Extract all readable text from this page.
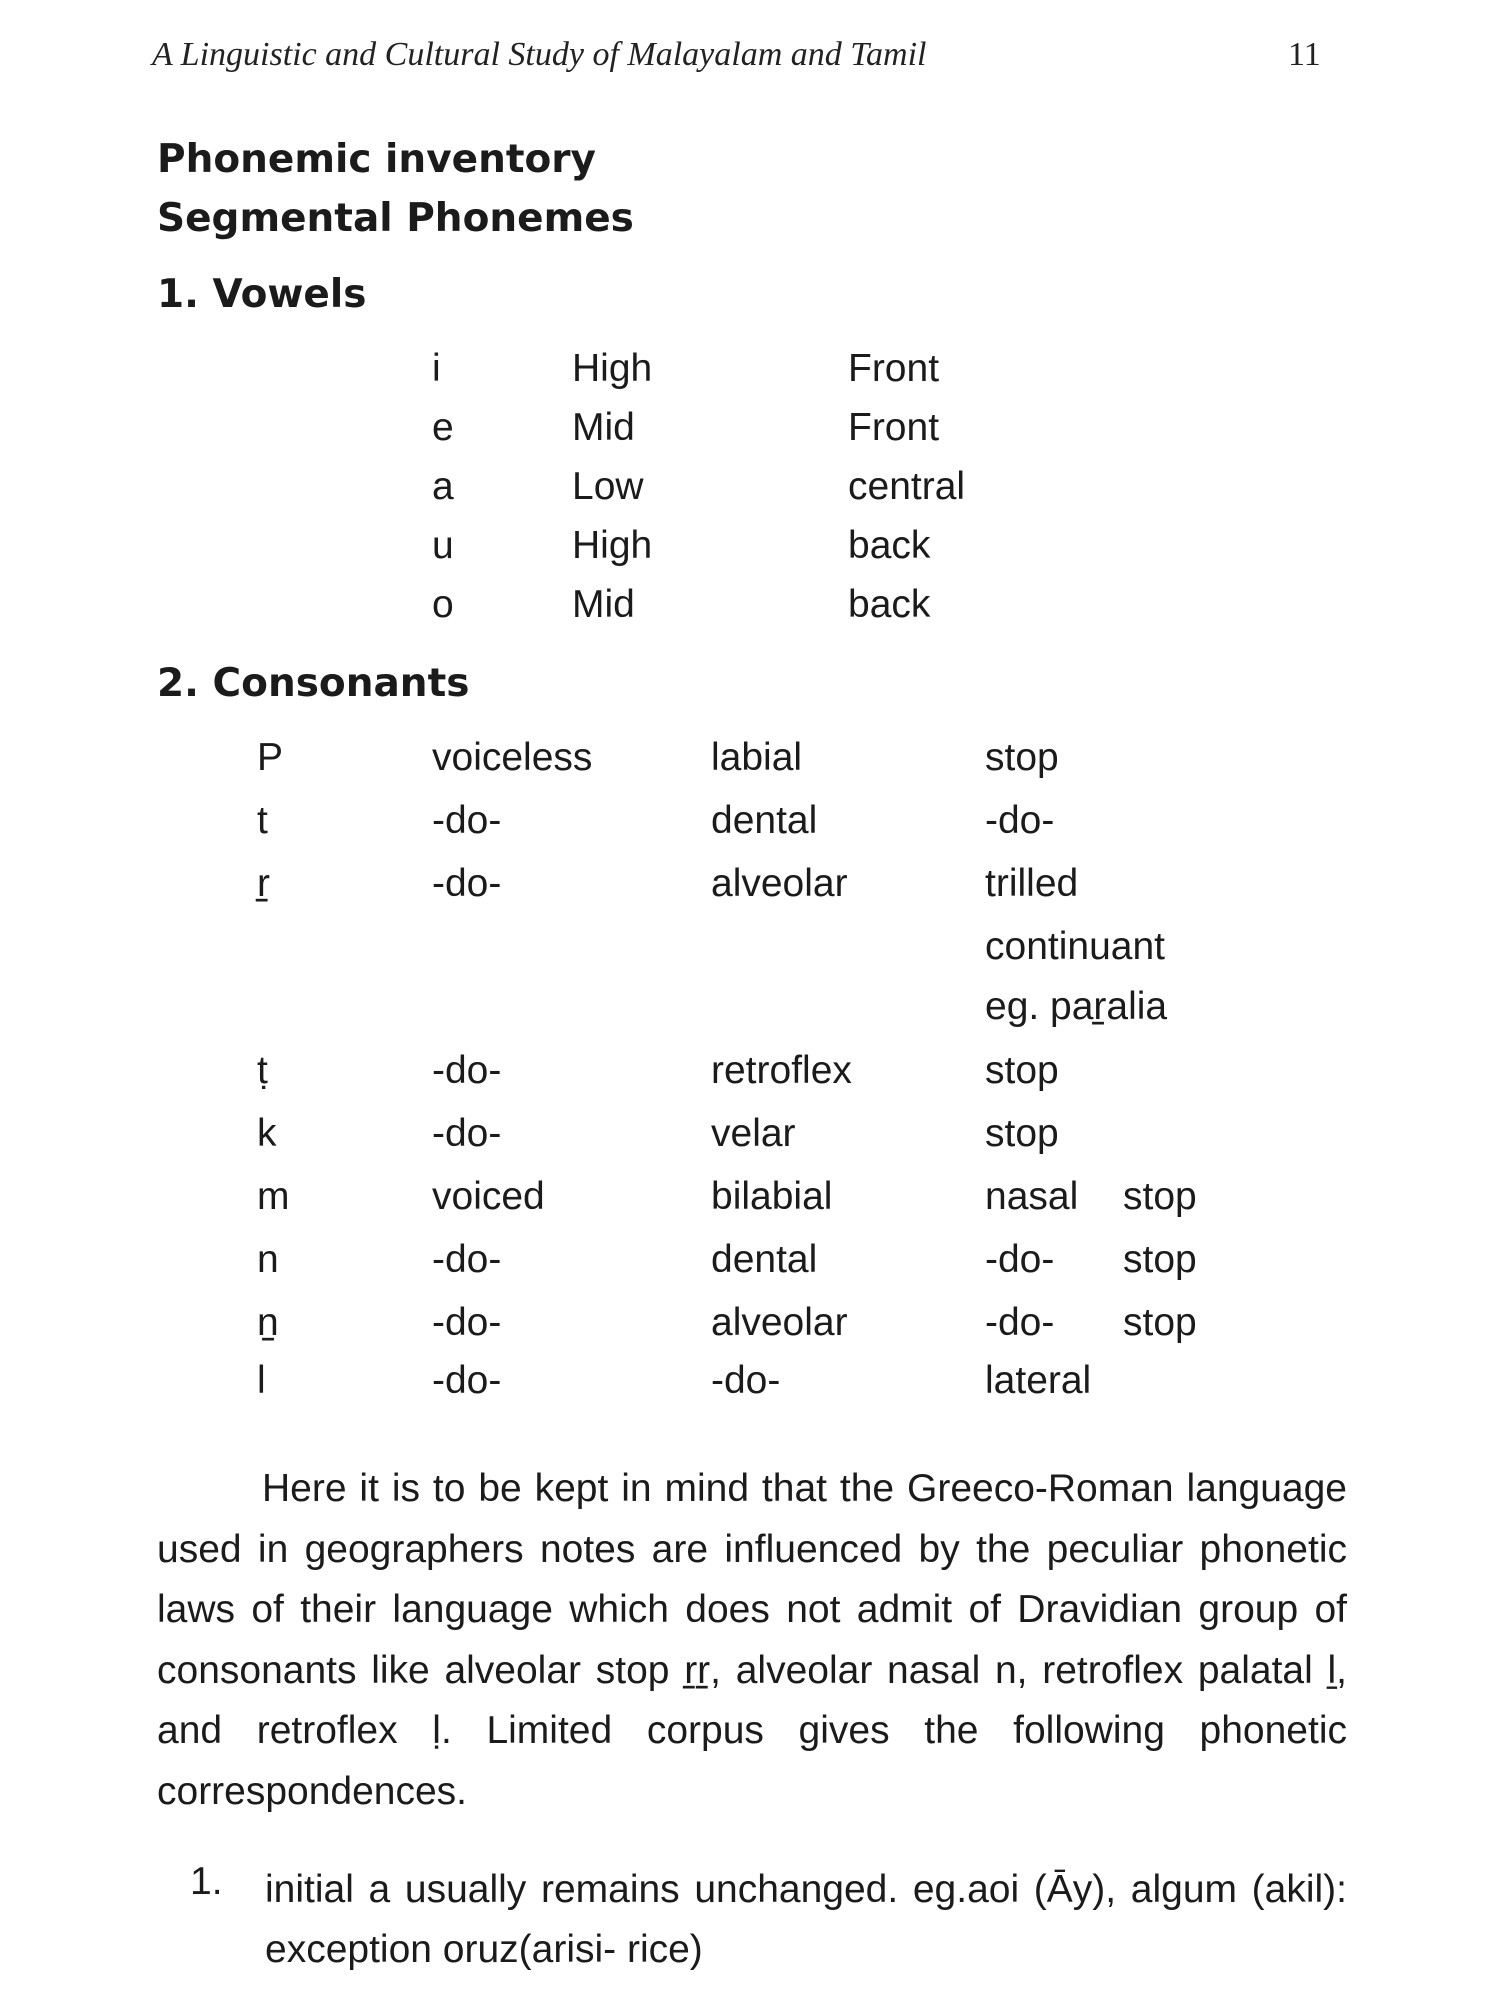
A Linguistic and Cultural Study of Malayalam and Tamil	11
Phonemic inventory
Segmental Phonemes
1. Vowels
i	High	Front
e	Mid	Front
a	Low	central
u	High	back
o	Mid	back
2. Consonants
P	voiceless	labial	stop
t	-do-	dental	-do-
r̠	-do-	alveolar	trilled
continuant
eg. par̠alia
ṭ	-do-	retroflex	stop
k	-do-	velar	stop
m	voiced	bilabial	nasal stop
n	-do-	dental	-do- stop
n̠	-do-	alveolar	-do- stop
l	-do-	-do-	lateral

Here it is to be kept in mind that the Greeco-Roman language used in geographers notes are influenced by the peculiar phonetic laws of their language which does not admit of Dravidian group of consonants like alveolar stop r̠r̠, alveolar nasal n, retroflex palatal ḻ, and retroflex ḷ. Limited corpus gives the following phonetic correspondences.

1. initial a usually remains unchanged. eg.aoi (Āy), algum (akil): exception oruz(arisi- rice)
